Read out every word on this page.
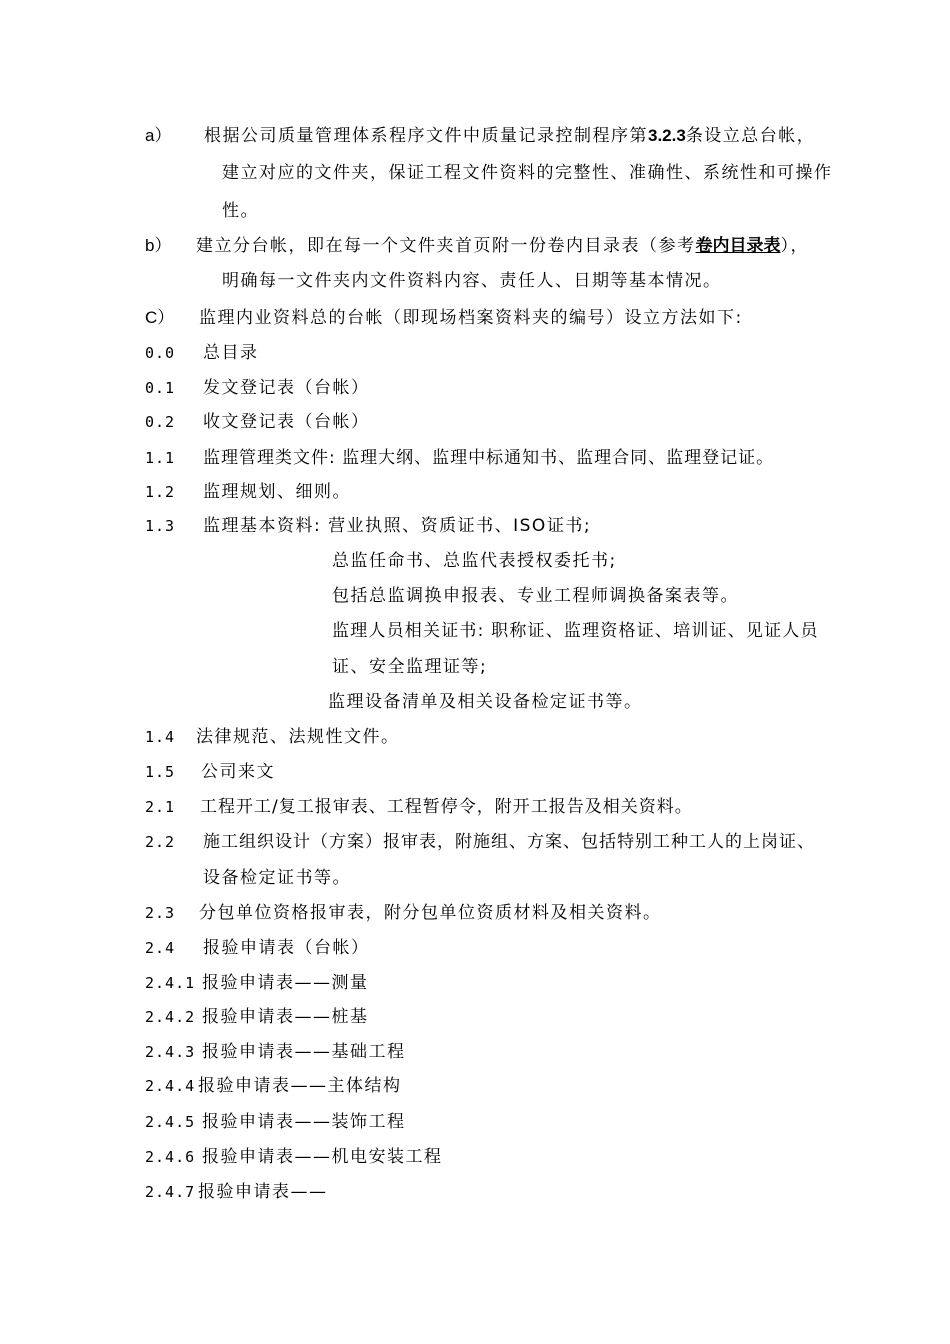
a） 根据公司质量管理体系程序文件中质量记录控制程序第3.2.3条设立总台帐，
建立对应的文件夹，保证工程文件资料的完整性、准确性、系统性和可操作
性。
b） 建立分台帐，即在每一个文件夹首页附一份卷内目录表（参考卷内目录表），
明确每一文件夹内文件资料内容、责任人、日期等基本情况。
C） 监理内业资料总的台帐（即现场档案资料夹的编号）设立方法如下:
0.0 总目录
0.1 发文登记表（台帐）
0.2 收文登记表（台帐）
1.1 监理管理类文件: 监理大纲、监理中标通知书、监理合同、监理登记证。
1.2 监理规划、细则。
1.3 监理基本资料: 营业执照、资质证书、ISO证书;
总监任命书、总监代表授权委托书;
包括总监调换申报表、专业工程师调换备案表等。
监理人员相关证书: 职称证、监理资格证、培训证、见证人员
证、安全监理证等;
监理设备清单及相关设备检定证书等。
1.4 法律规范、法规性文件。
1.5 公司来文
2.1 工程开工/复工报审表、工程暂停令，附开工报告及相关资料。
2.2 施工组织设计（方案）报审表，附施组、方案、包括特别工种工人的上岗证、
设备检定证书等。
2.3 分包单位资格报审表，附分包单位资质材料及相关资料。
2.4 报验申请表（台帐）
2.4.1 报验申请表——测量
2.4.2 报验申请表——桩基
2.4.3 报验申请表——基础工程
2.4.4 报验申请表——主体结构
2.4.5 报验申请表——装饰工程
2.4.6 报验申请表——机电安装工程
2.4.7 报验申请表——
